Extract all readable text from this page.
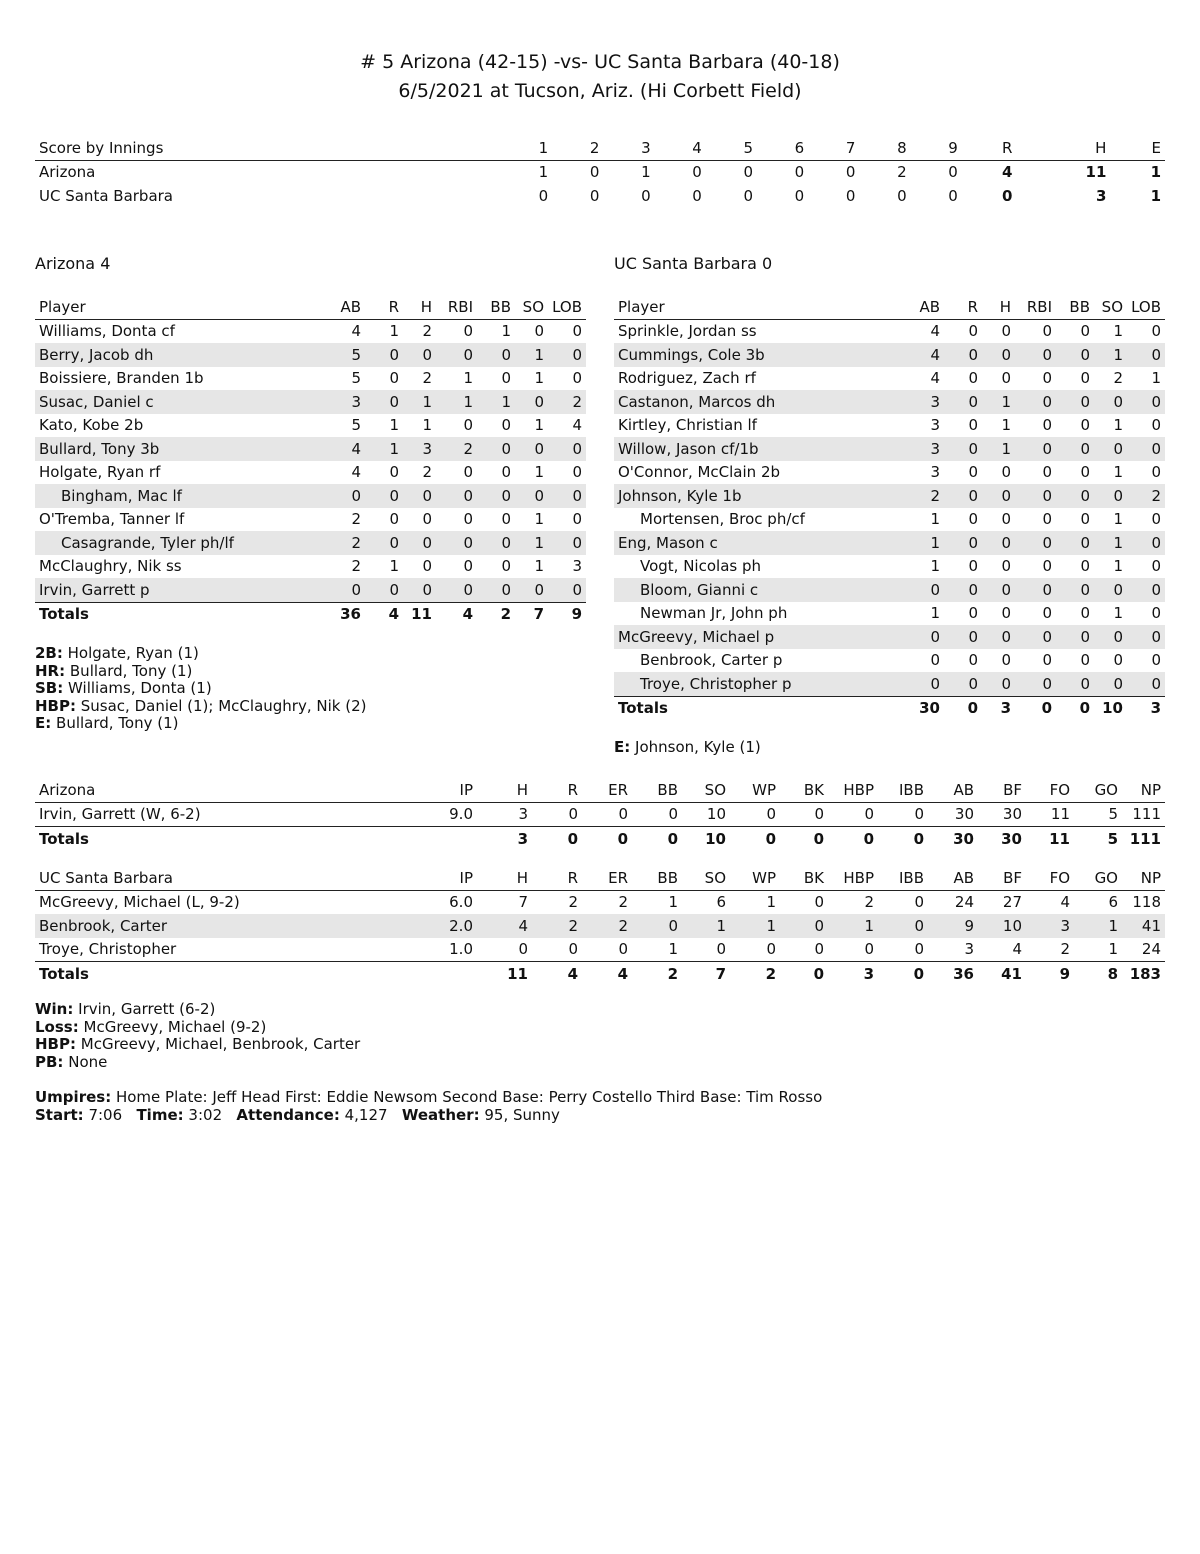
# 5 Arizona (42-15) -vs- UC Santa Barbara (40-18)
6/5/2021 at Tucson, Ariz. (Hi Corbett Field)
Score by Innings	1	2	3	4	5	6	7	8	9	R	H	E
Arizona	1	0	1	0	0	0	0	2	0	4	11	1
UC Santa Barbara	0	0	0	0	0	0	0	0	0	0	3	1
Arizona 4
Player	AB	R	H	RBI	BB	SO	LOB
Williams, Donta cf	4	1	2	0	1	0	0
Berry, Jacob dh	5	0	0	0	0	1	0
Boissiere, Branden 1b	5	0	2	1	0	1	0
Susac, Daniel c	3	0	1	1	1	0	2
Kato, Kobe 2b	5	1	1	0	0	1	4
Bullard, Tony 3b	4	1	3	2	0	0	0
Holgate, Ryan rf	4	0	2	0	0	1	0
Bingham, Mac lf	0	0	0	0	0	0	0
O'Tremba, Tanner lf	2	0	0	0	0	1	0
Casagrande, Tyler ph/lf	2	0	0	0	0	1	0
McClaughry, Nik ss	2	1	0	0	0	1	3
Irvin, Garrett p	0	0	0	0	0	0	0
Totals	36	4	11	4	2	7	9
2B: Holgate, Ryan (1)
HR: Bullard, Tony (1)
SB: Williams, Donta (1)
HBP: Susac, Daniel (1); McClaughry, Nik (2)
E: Bullard, Tony (1)
UC Santa Barbara 0
Player	AB	R	H	RBI	BB	SO	LOB
Sprinkle, Jordan ss	4	0	0	0	0	1	0
Cummings, Cole 3b	4	0	0	0	0	1	0
Rodriguez, Zach rf	4	0	0	0	0	2	1
Castanon, Marcos dh	3	0	1	0	0	0	0
Kirtley, Christian lf	3	0	1	0	0	1	0
Willow, Jason cf/1b	3	0	1	0	0	0	0
O'Connor, McClain 2b	3	0	0	0	0	1	0
Johnson, Kyle 1b	2	0	0	0	0	0	2
Mortensen, Broc ph/cf	1	0	0	0	0	1	0
Eng, Mason c	1	0	0	0	0	1	0
Vogt, Nicolas ph	1	0	0	0	0	1	0
Bloom, Gianni c	0	0	0	0	0	0	0
Newman Jr, John ph	1	0	0	0	0	1	0
McGreevy, Michael p	0	0	0	0	0	0	0
Benbrook, Carter p	0	0	0	0	0	0	0
Troye, Christopher p	0	0	0	0	0	0	0
Totals	30	0	3	0	0	10	3
E: Johnson, Kyle (1)
Arizona	IP	H	R	ER	BB	SO	WP	BK	HBP	IBB	AB	BF	FO	GO	NP
Irvin, Garrett (W, 6-2)	9.0	3	0	0	0	10	0	0	0	0	30	30	11	5	111
Totals		3	0	0	0	10	0	0	0	0	30	30	11	5	111
UC Santa Barbara	IP	H	R	ER	BB	SO	WP	BK	HBP	IBB	AB	BF	FO	GO	NP
McGreevy, Michael (L, 9-2)	6.0	7	2	2	1	6	1	0	2	0	24	27	4	6	118
Benbrook, Carter	2.0	4	2	2	0	1	1	0	1	0	9	10	3	1	41
Troye, Christopher	1.0	0	0	0	1	0	0	0	0	0	3	4	2	1	24
Totals		11	4	4	2	7	2	0	3	0	36	41	9	8	183
Win: Irvin, Garrett (6-2)
Loss: McGreevy, Michael (9-2)
HBP: McGreevy, Michael, Benbrook, Carter
PB: None
Umpires: Home Plate: Jeff Head First: Eddie Newsom Second Base: Perry Costello Third Base: Tim Rosso
Start: 7:06 Time: 3:02 Attendance: 4,127 Weather: 95, Sunny
